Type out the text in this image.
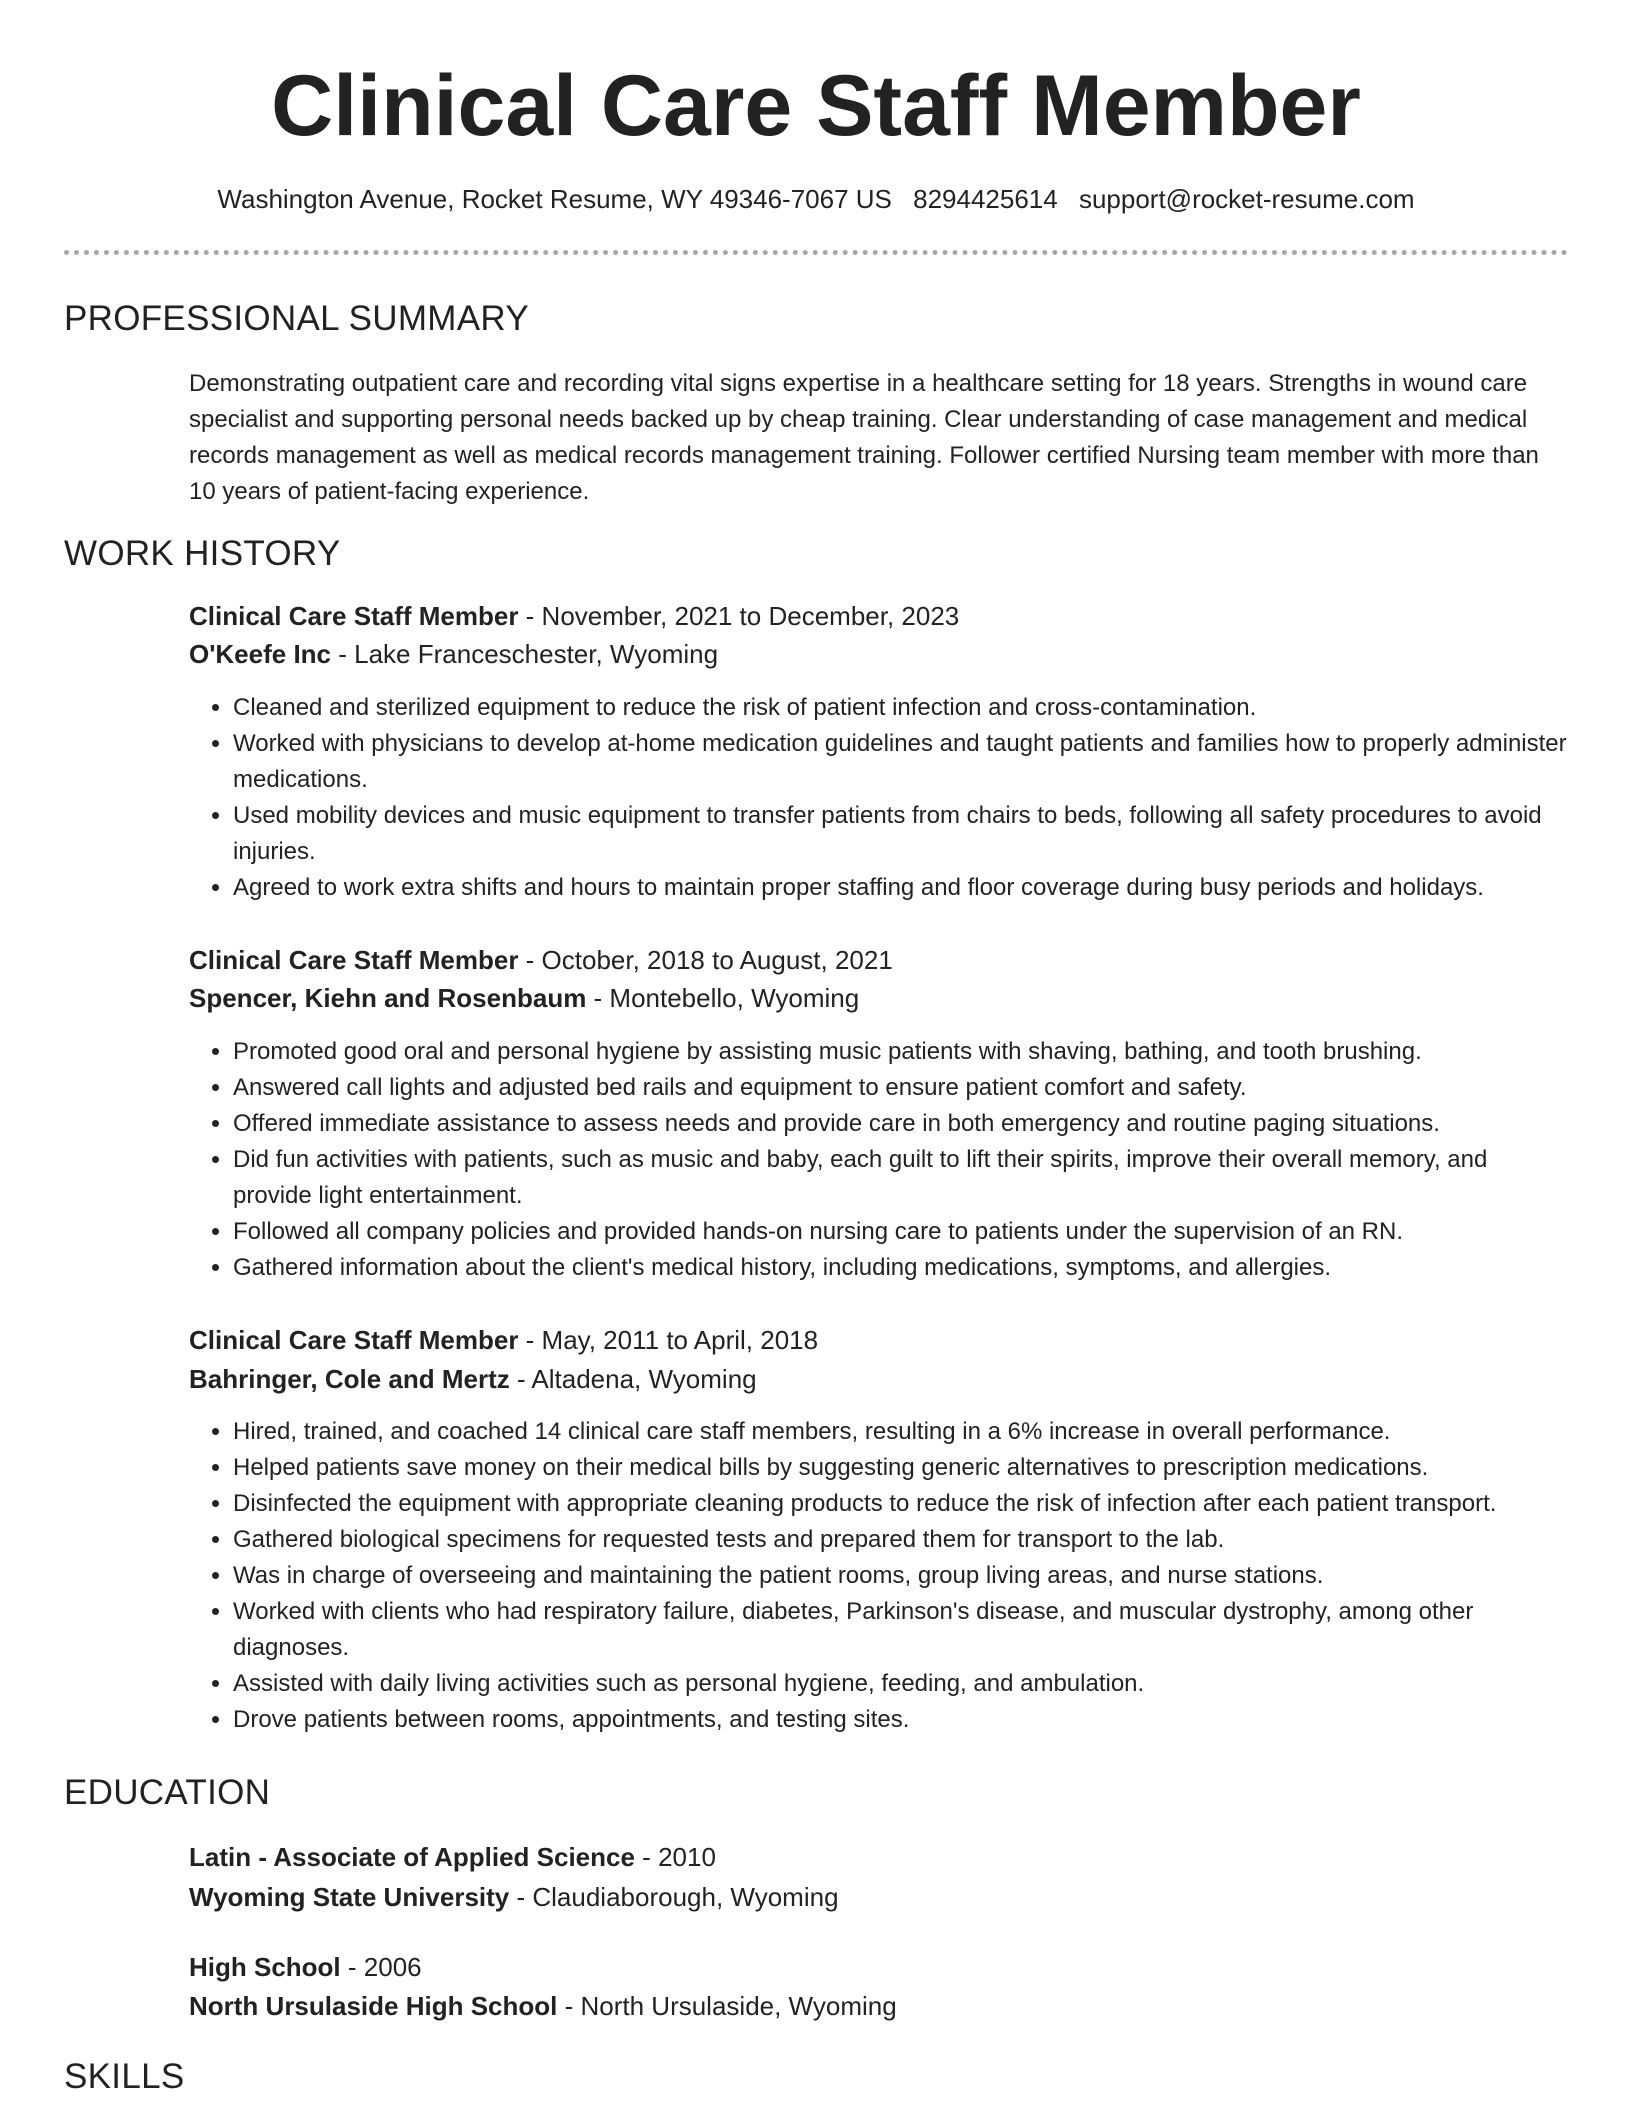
Clinical Care Staff Member
Washington Avenue, Rocket Resume, WY 49346-7067 US 8294425614 support@rocket-resume.com
PROFESSIONAL SUMMARY
Demonstrating outpatient care and recording vital signs expertise in a healthcare setting for 18 years. Strengths in wound care specialist and supporting personal needs backed up by cheap training. Clear understanding of case management and medical records management as well as medical records management training. Follower certified Nursing team member with more than 10 years of patient-facing experience.
WORK HISTORY
Clinical Care Staff Member - November, 2021 to December, 2023
O'Keefe Inc - Lake Franceschester, Wyoming
• Cleaned and sterilized equipment to reduce the risk of patient infection and cross-contamination.
• Worked with physicians to develop at-home medication guidelines and taught patients and families how to properly administer medications.
• Used mobility devices and music equipment to transfer patients from chairs to beds, following all safety procedures to avoid injuries.
• Agreed to work extra shifts and hours to maintain proper staffing and floor coverage during busy periods and holidays.
Clinical Care Staff Member - October, 2018 to August, 2021
Spencer, Kiehn and Rosenbaum - Montebello, Wyoming
• Promoted good oral and personal hygiene by assisting music patients with shaving, bathing, and tooth brushing.
• Answered call lights and adjusted bed rails and equipment to ensure patient comfort and safety.
• Offered immediate assistance to assess needs and provide care in both emergency and routine paging situations.
• Did fun activities with patients, such as music and baby, each guilt to lift their spirits, improve their overall memory, and provide light entertainment.
• Followed all company policies and provided hands-on nursing care to patients under the supervision of an RN.
• Gathered information about the client's medical history, including medications, symptoms, and allergies.
Clinical Care Staff Member - May, 2011 to April, 2018
Bahringer, Cole and Mertz - Altadena, Wyoming
• Hired, trained, and coached 14 clinical care staff members, resulting in a 6% increase in overall performance.
• Helped patients save money on their medical bills by suggesting generic alternatives to prescription medications.
• Disinfected the equipment with appropriate cleaning products to reduce the risk of infection after each patient transport.
• Gathered biological specimens for requested tests and prepared them for transport to the lab.
• Was in charge of overseeing and maintaining the patient rooms, group living areas, and nurse stations.
• Worked with clients who had respiratory failure, diabetes, Parkinson's disease, and muscular dystrophy, among other diagnoses.
• Assisted with daily living activities such as personal hygiene, feeding, and ambulation.
• Drove patients between rooms, appointments, and testing sites.
EDUCATION
Latin - Associate of Applied Science - 2010
Wyoming State University - Claudiaborough, Wyoming
High School - 2006
North Ursulaside High School - North Ursulaside, Wyoming
SKILLS
